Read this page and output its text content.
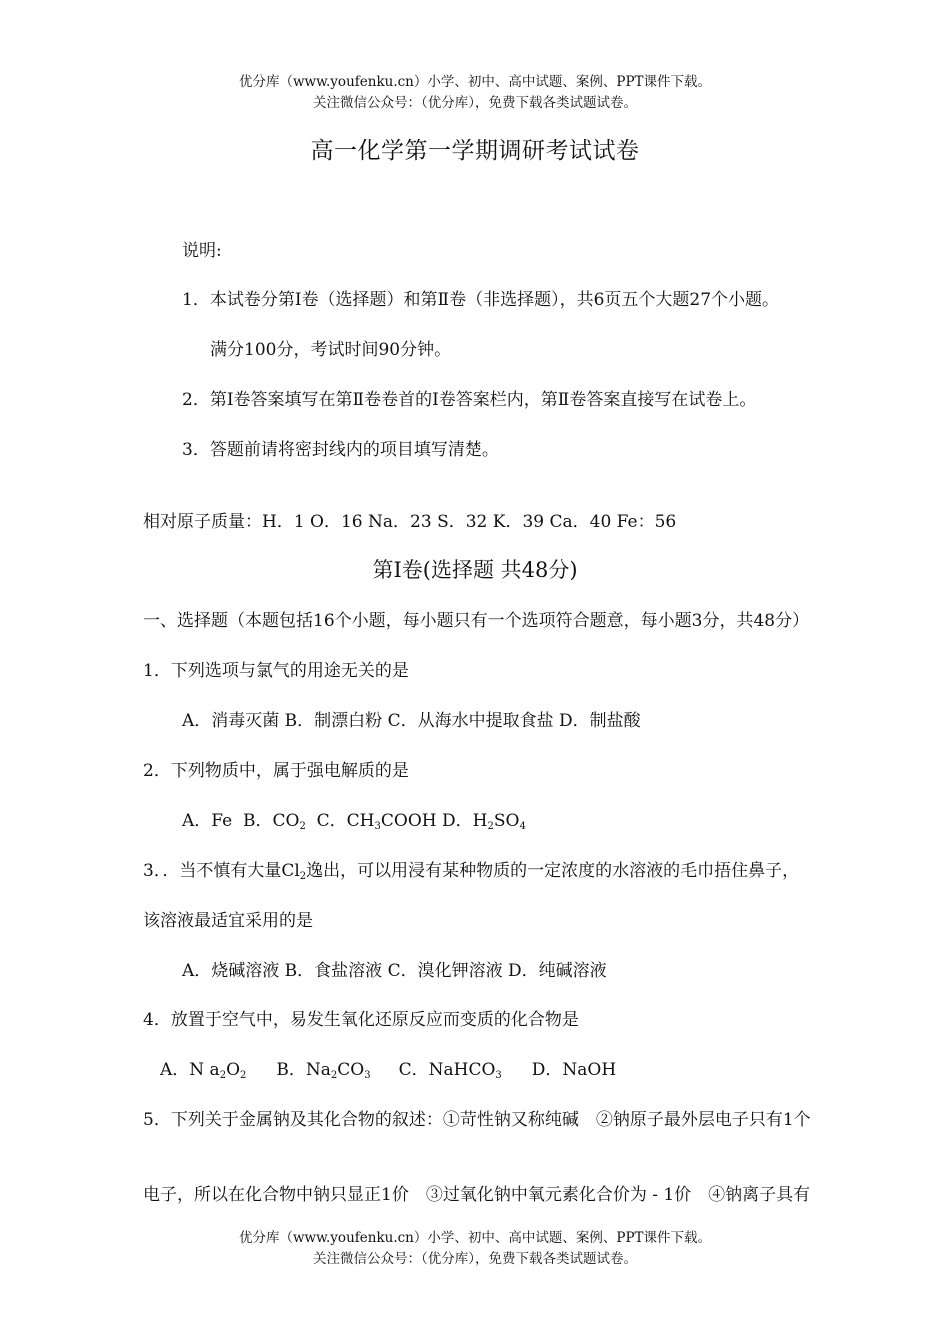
优分库（www.youfenku.cn）小学、初中、高中试题、案例、PPT课件下载。
关注微信公众号：（优分库），免费下载各类试题试卷。
高一化学第一学期调研考试试卷
说明:
1．本试卷分第Ⅰ卷（选择题）和第Ⅱ卷（非选择题），共6页五个大题27个小题。
满分100分，考试时间90分钟。
2．第Ⅰ卷答案填写在第Ⅱ卷卷首的Ⅰ卷答案栏内，第Ⅱ卷答案直接写在试卷上。
3．答题前请将密封线内的项目填写清楚。
相对原子质量：H．1 O．16 Na．23 S．32 K．39 Ca．40 Fe：56
第Ⅰ卷(选择题 共48分)
一、选择题（本题包括16个小题，每小题只有一个选项符合题意，每小题3分，共48分）
1．下列选项与氯气的用途无关的是
A．消毒灭菌 B．制漂白粉 C．从海水中提取食盐 D．制盐酸
2．下列物质中，属于强电解质的是
A．Fe B．$CO_2$ C．$CH_3COOH$ D．$H_2SO_4$
3．．当不慎有大量$Cl_2$逸出，可以用浸有某种物质的一定浓度的水溶液的毛巾捂住鼻子，
该溶液最适宜采用的是
A．烧碱溶液 B．食盐溶液 C．溴化钾溶液 D．纯碱溶液
4．放置于空气中，易发生氧化还原反应而变质的化合物是
A．N $a_2O_2$ B．$Na_2CO_3$ C．NaHCO$_3$ D．NaOH
5．下列关于金属钠及其化合物的叙述：①苛性钠又称纯碱　②钠原子最外层电子只有1个
电子，所以在化合物中钠只显正1价　③过氧化钠中氧元素化合价为 - 1价　④钠离子具有
优分库（www.youfenku.cn）小学、初中、高中试题、案例、PPT课件下载。
关注微信公众号：（优分库），免费下载各类试题试卷。
